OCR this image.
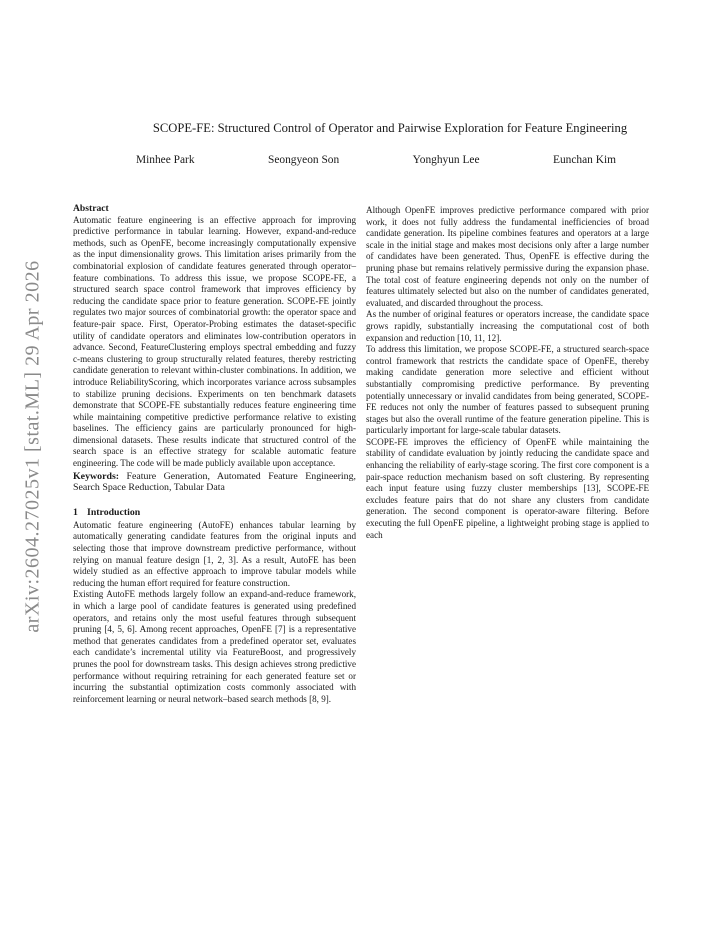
arXiv:2604.27025v1 [stat.ML] 29 Apr 2026
SCOPE-FE: Structured Control of Operator and Pairwise Exploration for Feature Engineering
Minhee Park	Seongyeon Son	Yonghyun Lee	Eunchan Kim

Abstract

Automatic feature engineering is an effective approach for improving predictive performance in tabular learning. However, expand-and-reduce methods, such as OpenFE, become increasingly computationally expensive as the input dimensionality grows. This limitation arises primarily from the combinatorial explosion of candidate features generated through operator–feature combinations. To address this issue, we propose SCOPE-FE, a structured search space control framework that improves efficiency by reducing the candidate space prior to feature generation. SCOPE-FE jointly regulates two major sources of combinatorial growth: the operator space and feature-pair space. First, Operator-Probing estimates the dataset-specific utility of candidate operators and eliminates low-contribution operators in advance. Second, FeatureClustering employs spectral embedding and fuzzy c-means clustering to group structurally related features, thereby restricting candidate generation to relevant within-cluster combinations. In addition, we introduce ReliabilityScoring, which incorporates variance across subsamples to stabilize pruning decisions. Experiments on ten benchmark datasets demonstrate that SCOPE-FE substantially reduces feature engineering time while maintaining competitive predictive performance relative to existing baselines. The efficiency gains are particularly pronounced for high-dimensional datasets. These results indicate that structured control of the search space is an effective strategy for scalable automatic feature engineering. The code will be made publicly available upon acceptance.

Keywords: Feature Generation, Automated Feature Engineering, Search Space Reduction, Tabular Data

1 Introduction

Automatic feature engineering (AutoFE) enhances tabular learning by automatically generating candidate features from the original inputs and selecting those that improve downstream predictive performance, without relying on manual feature design [1, 2, 3]. As a result, AutoFE has been widely studied as an effective approach to improve tabular models while reducing the human effort required for feature construction.

Existing AutoFE methods largely follow an expand-and-reduce framework, in which a large pool of candidate features is generated using predefined operators, and retains only the most useful features through subsequent pruning [4, 5, 6]. Among recent approaches, OpenFE [7] is a representative method that generates candidates from a predefined operator set, evaluates each candidate’s incremental utility via FeatureBoost, and progressively prunes the pool for downstream tasks. This design achieves strong predictive performance without requiring retraining for each generated feature set or incurring the substantial optimization costs commonly associated with reinforcement learning or neural network–based search methods [8, 9].

Although OpenFE improves predictive performance compared with prior work, it does not fully address the fundamental inefficiencies of broad candidate generation. Its pipeline combines features and operators at a large scale in the initial stage and makes most decisions only after a large number of candidates have been generated. Thus, OpenFE is effective during the pruning phase but remains relatively permissive during the expansion phase. The total cost of feature engineering depends not only on the number of features ultimately selected but also on the number of candidates generated, evaluated, and discarded throughout the process.

As the number of original features or operators increase, the candidate space grows rapidly, substantially increasing the computational cost of both expansion and reduction [10, 11, 12].

To address this limitation, we propose SCOPE-FE, a structured search-space control framework that restricts the candidate space of OpenFE, thereby making candidate generation more selective and efficient without substantially compromising predictive performance. By preventing potentially unnecessary or invalid candidates from being generated, SCOPE-FE reduces not only the number of features passed to subsequent pruning stages but also the overall runtime of the feature generation pipeline. This is particularly important for large-scale tabular datasets.

SCOPE-FE improves the efficiency of OpenFE while maintaining the stability of candidate evaluation by jointly reducing the candidate space and enhancing the reliability of early-stage scoring. The first core component is a pair-space reduction mechanism based on soft clustering. By representing each input feature using fuzzy cluster memberships [13], SCOPE-FE excludes feature pairs that do not share any clusters from candidate generation. The second component is operator-aware filtering. Before executing the full OpenFE pipeline, a lightweight probing stage is applied to each
